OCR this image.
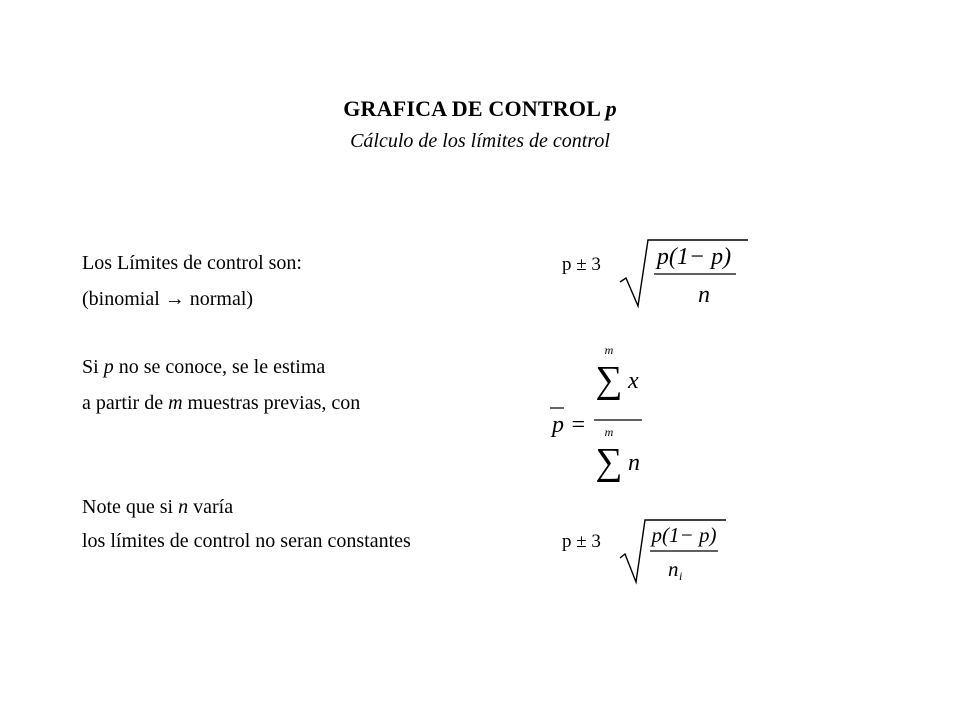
GRAFICA DE CONTROL p
Cálculo de los límites de control
Los Límites de control son:
(binomial → normal)
p ± 3 p(1− p)
n
Si p no se conoce, se le estima
a partir de m muestras previas, con
p =
m
∑ x
m
∑ n
Note que si n varía
los límites de control no seran constantes	p ± 3 p(1− p)
n i
